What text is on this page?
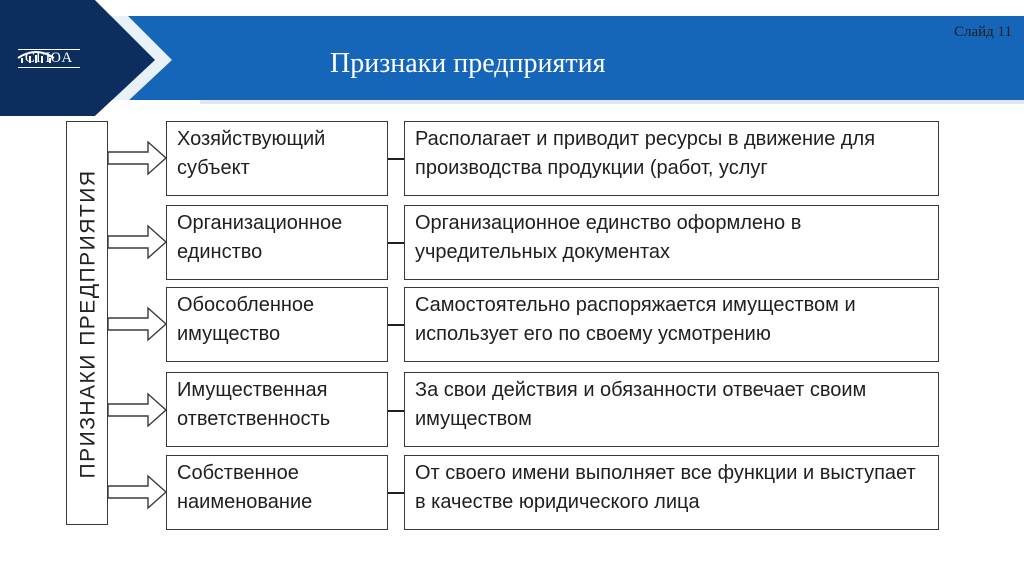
СГЮА	Признаки предприятия
Слайд 11
ПРИЗНАКИ ПРЕДПРИЯТИЯ
Хозяйствующий субъект
Располагает и приводит ресурсы в движение для производства продукции (работ, услуг
Организационное единство
Организационное единство оформлено в учредительных документах
Обособленное имущество
Самостоятельно распоряжается имуществом и использует его по своему усмотрению
Имущественная ответственность
За свои действия и обязанности отвечает своим имуществом
Собственное наименование
От своего имени выполняет все функции и выступает в качестве юридического лица
